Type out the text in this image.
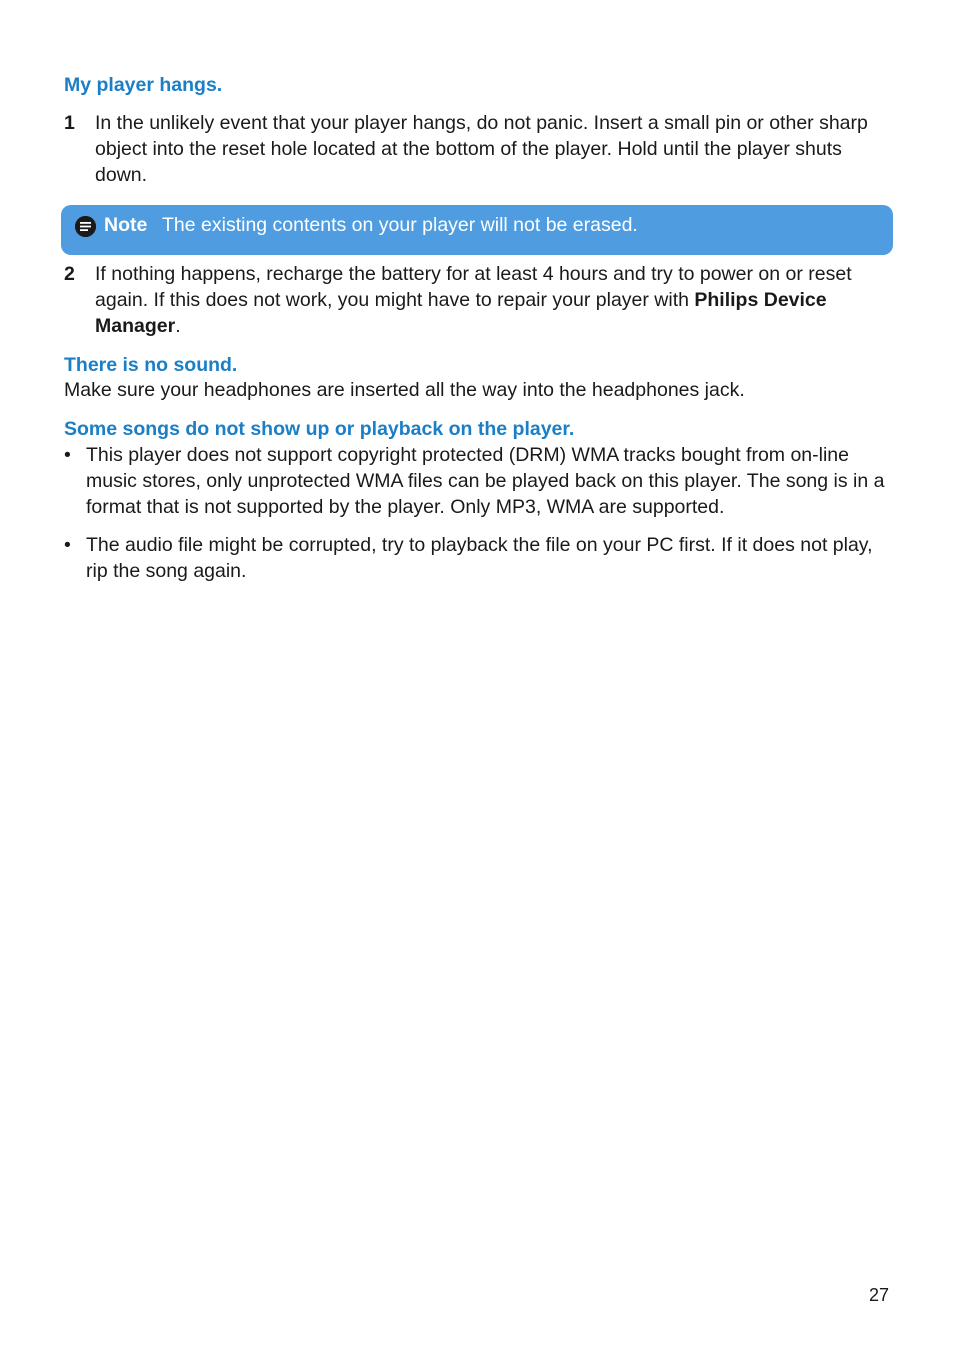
My player hangs.
1 In the unlikely event that your player hangs, do not panic. Insert a small pin or other sharp object into the reset hole located at the bottom of the player. Hold until the player shuts down.
Note The existing contents on your player will not be erased.
2 If nothing happens, recharge the battery for at least 4 hours and try to power on or reset again. If this does not work, you might have to repair your player with Philips Device Manager.
There is no sound.
Make sure your headphones are inserted all the way into the headphones jack.
Some songs do not show up or playback on the player.
• This player does not support copyright protected (DRM) WMA tracks bought from on-line music stores, only unprotected WMA files can be played back on this player. The song is in a format that is not supported by the player. Only MP3, WMA are supported.
• The audio file might be corrupted, try to playback the file on your PC first. If it does not play, rip the song again.
27
